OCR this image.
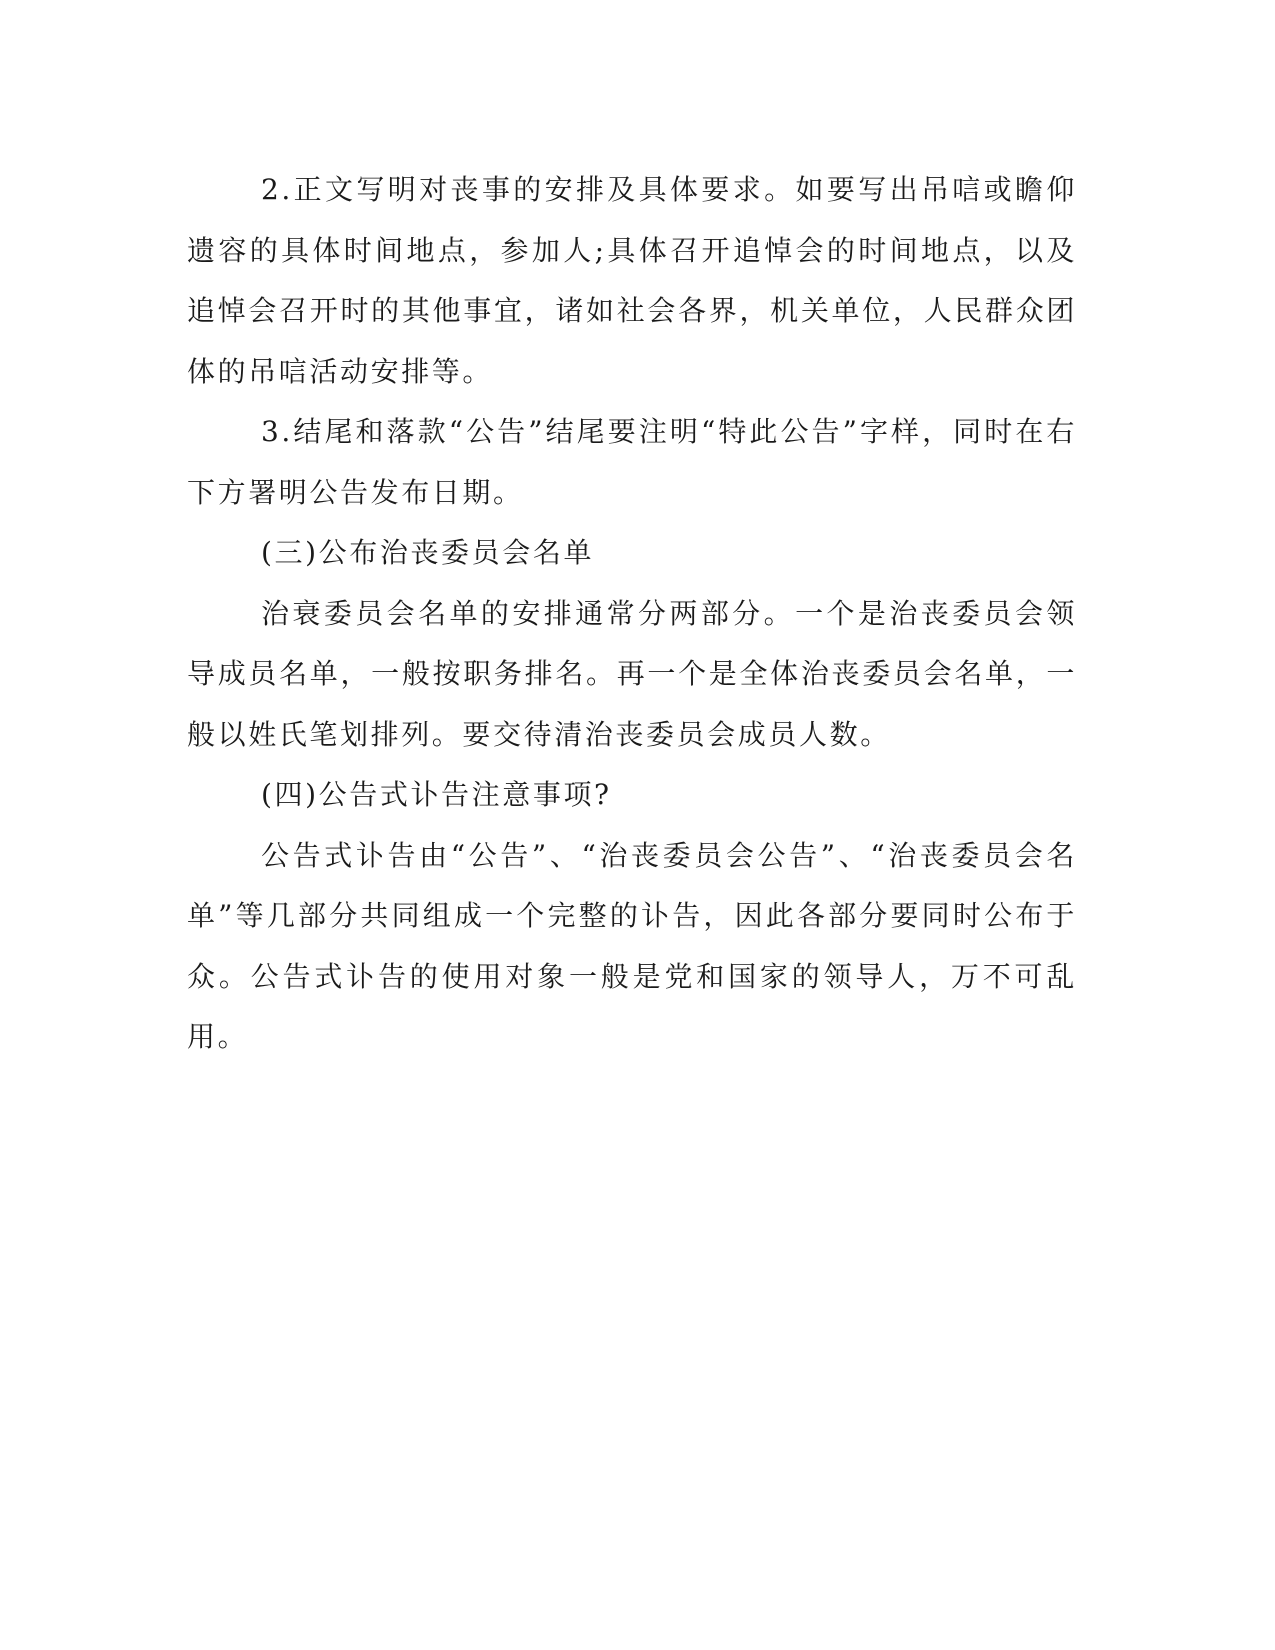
2.正文写明对丧事的安排及具体要求。如要写出吊唁或瞻仰遗容的具体时间地点，参加人;具体召开追悼会的时间地点，以及追悼会召开时的其他事宜，诸如社会各界，机关单位，人民群众团体的吊唁活动安排等。

3.结尾和落款“公告”结尾要注明“特此公告”字样，同时在右下方署明公告发布日期。

(三)公布治丧委员会名单

治衰委员会名单的安排通常分两部分。一个是治丧委员会领导成员名单，一般按职务排名。再一个是全体治丧委员会名单，一般以姓氏笔划排列。要交待清治丧委员会成员人数。

(四)公告式讣告注意事项?

公告式讣告由“公告”、“治丧委员会公告”、“治丧委员会名单”等几部分共同组成一个完整的讣告，因此各部分要同时公布于众。公告式讣告的使用对象一般是党和国家的领导人，万不可乱用。
